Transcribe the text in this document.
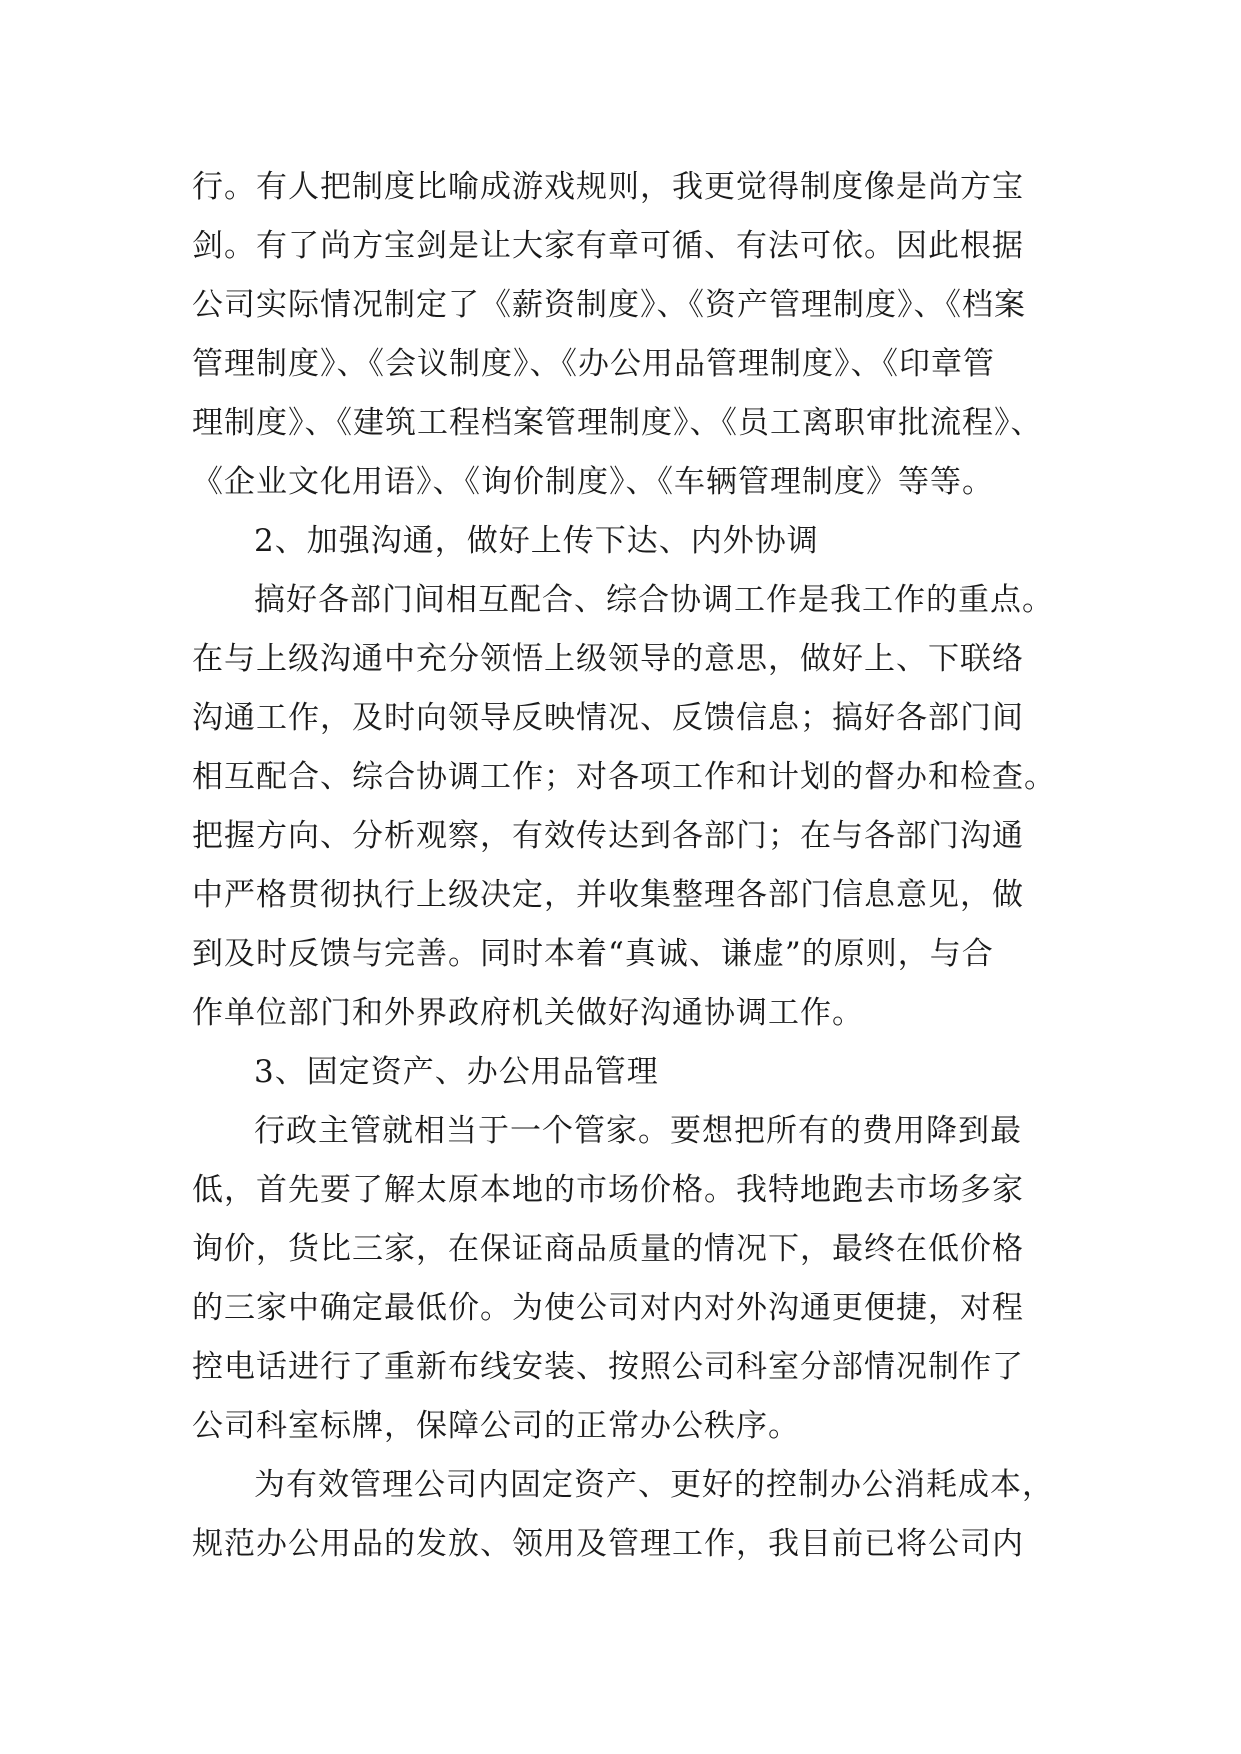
行。有人把制度比喻成游戏规则，我更觉得制度像是尚方宝
剑。有了尚方宝剑是让大家有章可循、有法可依。因此根据
公司实际情况制定了《薪资制度》、《资产管理制度》、《档案
管理制度》、《会议制度》、《办公用品管理制度》、《印章管
理制度》、《建筑工程档案管理制度》、《员工离职审批流程》、
《企业文化用语》、《询价制度》、《车辆管理制度》等等。
2、加强沟通，做好上传下达、内外协调
搞好各部门间相互配合、综合协调工作是我工作的重点。
在与上级沟通中充分领悟上级领导的意思，做好上、下联络
沟通工作，及时向领导反映情况、反馈信息；搞好各部门间
相互配合、综合协调工作；对各项工作和计划的督办和检查。
把握方向、分析观察，有效传达到各部门；在与各部门沟通
中严格贯彻执行上级决定，并收集整理各部门信息意见，做
到及时反馈与完善。同时本着“真诚、谦虚”的原则，与合
作单位部门和外界政府机关做好沟通协调工作。
3、固定资产、办公用品管理
行政主管就相当于一个管家。要想把所有的费用降到最
低，首先要了解太原本地的市场价格。我特地跑去市场多家
询价，货比三家，在保证商品质量的情况下，最终在低价格
的三家中确定最低价。为使公司对内对外沟通更便捷，对程
控电话进行了重新布线安装、按照公司科室分部情况制作了
公司科室标牌，保障公司的正常办公秩序。
为有效管理公司内固定资产、更好的控制办公消耗成本，
规范办公用品的发放、领用及管理工作，我目前已将公司内
